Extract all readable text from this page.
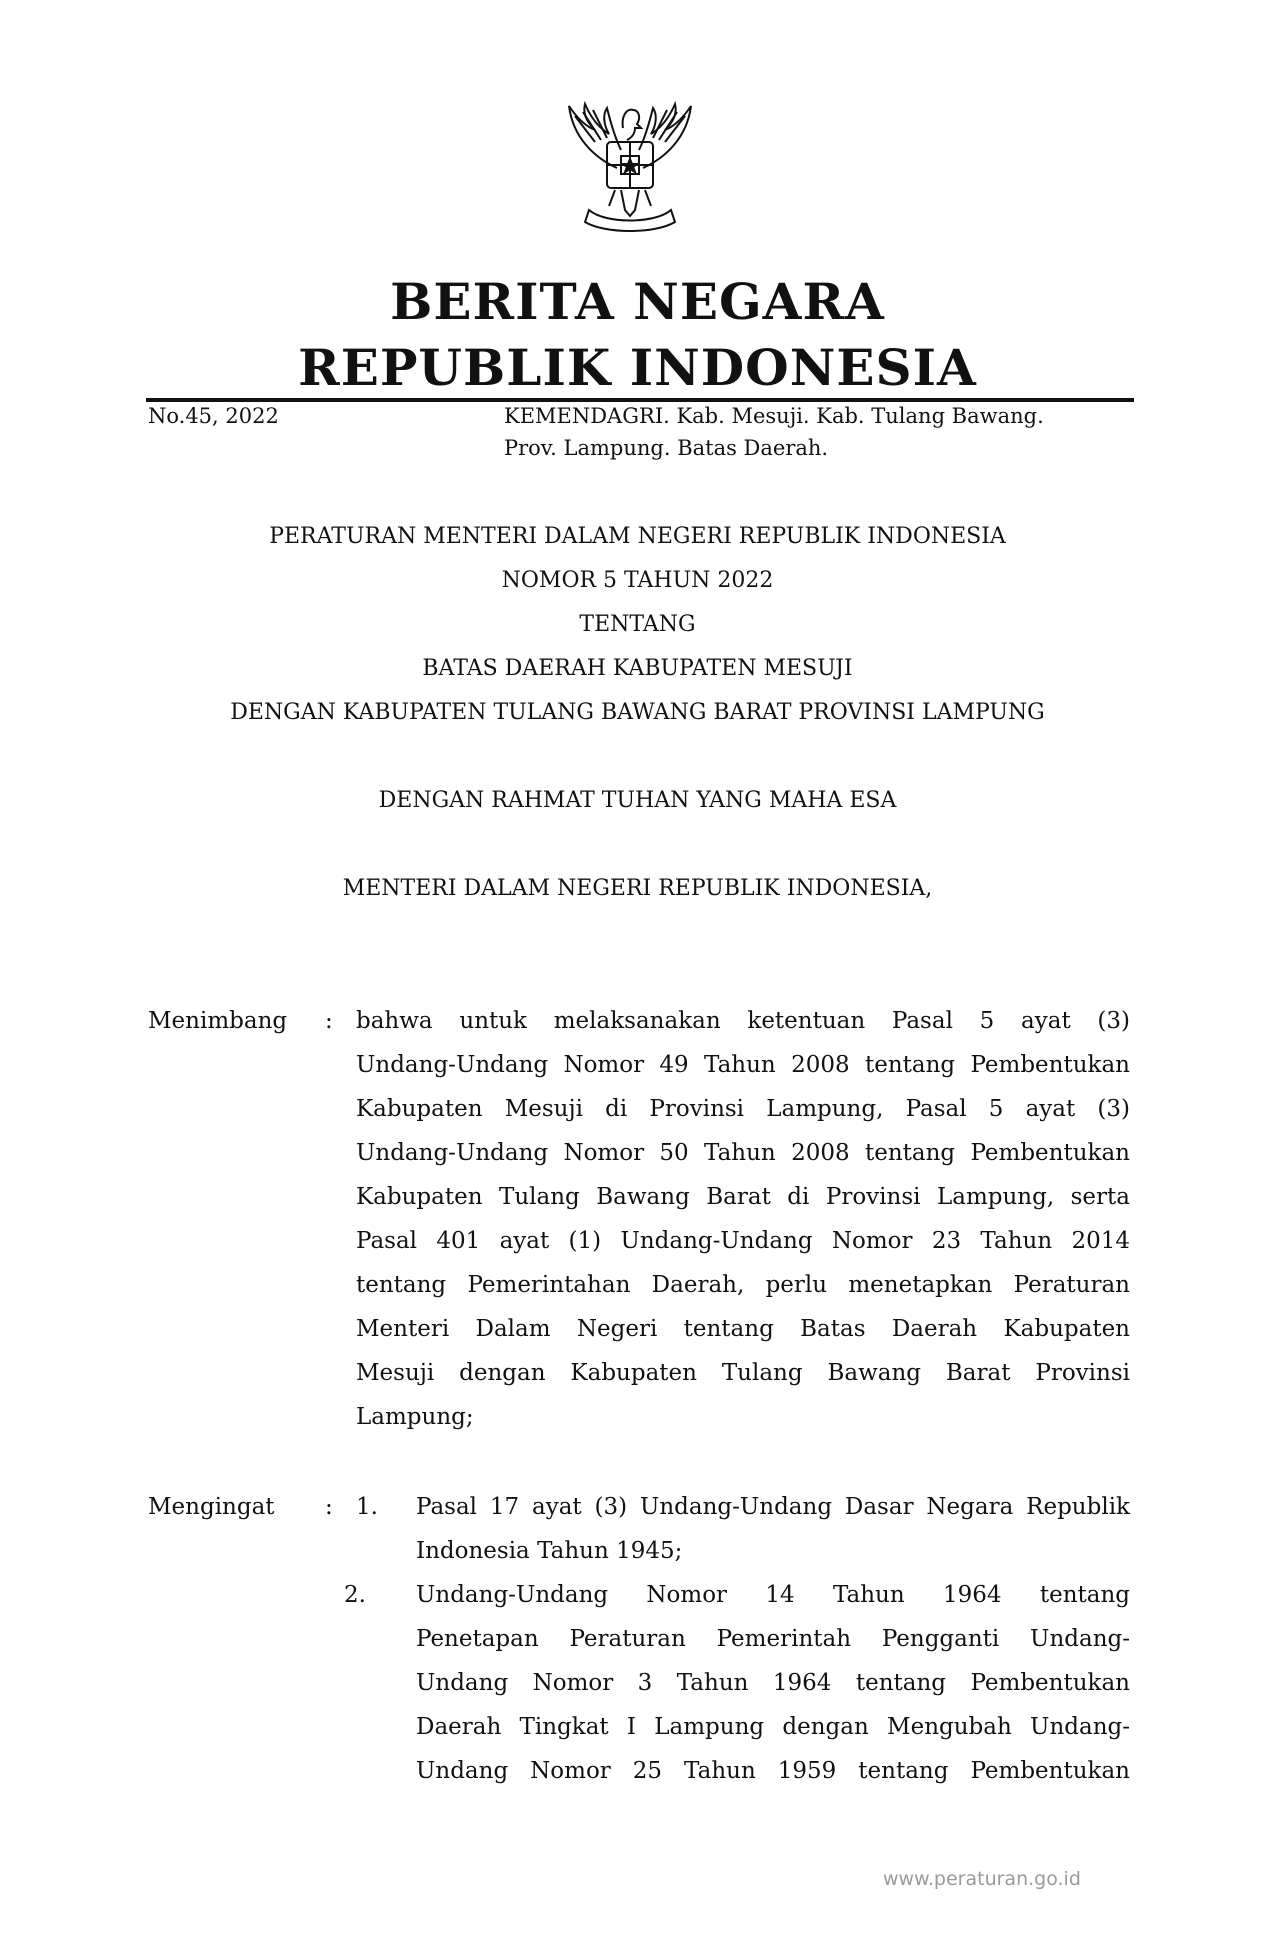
BERITA NEGARA
REPUBLIK INDONESIA
No.45, 2022	KEMENDAGRI. Kab. Mesuji. Kab. Tulang Bawang.
Prov. Lampung. Batas Daerah.
PERATURAN MENTERI DALAM NEGERI REPUBLIK INDONESIA
NOMOR 5 TAHUN 2022
TENTANG
BATAS DAERAH KABUPATEN MESUJI
DENGAN KABUPATEN TULANG BAWANG BARAT PROVINSI LAMPUNG
DENGAN RAHMAT TUHAN YANG MAHA ESA
MENTERI DALAM NEGERI REPUBLIK INDONESIA,
Menimbang : bahwa untuk melaksanakan ketentuan Pasal 5 ayat (3)
Undang-Undang Nomor 49 Tahun 2008 tentang Pembentukan
Kabupaten Mesuji di Provinsi Lampung, Pasal 5 ayat (3)
Undang-Undang Nomor 50 Tahun 2008 tentang Pembentukan
Kabupaten Tulang Bawang Barat di Provinsi Lampung, serta
Pasal 401 ayat (1) Undang-Undang Nomor 23 Tahun 2014
tentang Pemerintahan Daerah, perlu menetapkan Peraturan
Menteri Dalam Negeri tentang Batas Daerah Kabupaten
Mesuji dengan Kabupaten Tulang Bawang Barat Provinsi
Lampung;
Mengingat : 1. Pasal 17 ayat (3) Undang-Undang Dasar Negara Republik
Indonesia Tahun 1945;
2. Undang-Undang Nomor 14 Tahun 1964 tentang
Penetapan Peraturan Pemerintah Pengganti Undang-
Undang Nomor 3 Tahun 1964 tentang Pembentukan
Daerah Tingkat I Lampung dengan Mengubah Undang-
Undang Nomor 25 Tahun 1959 tentang Pembentukan
www.peraturan.go.id
